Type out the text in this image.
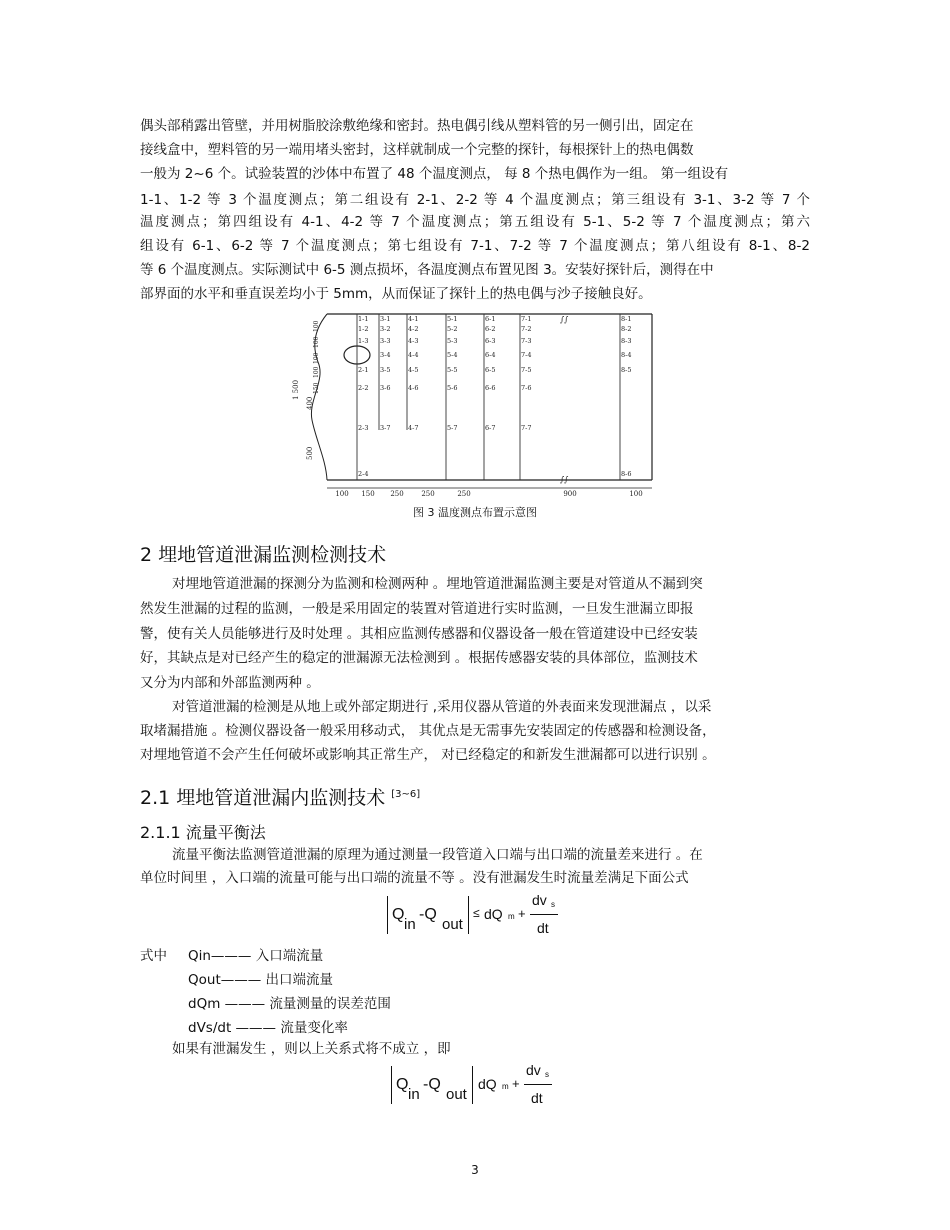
偶头部稍露出管壁，并用树脂胶涂敷绝缘和密封。热电偶引线从塑料管的另一侧引出，固定在
接线盒中，塑料管的另一端用堵头密封，这样就制成一个完整的探针，每根探针上的热电偶数
一般为 2~6 个。试验装置的沙体中布置了 48 个温度测点， 每 8 个热电偶作为一组。 第一组设有
1-1、1-2 等 3 个温度测点；第二组设有 2-1、2-2 等 4 个温度测点；第三组设有 3-1、3-2 等 7 个
温度测点；第四组设有 4-1、4-2 等 7 个温度测点；第五组设有 5-1、5-2 等 7 个温度测点；第六
组设有 6-1、6-2 等 7 个温度测点；第七组设有 7-1、7-2 等 7 个温度测点；第八组设有 8-1、8-2
等 6 个温度测点。实际测试中 6-5 测点损坏，各温度测点布置见图 3。安装好探针后，测得在中
部界面的水平和垂直误差均小于 5mm，从而保证了探针上的热电偶与沙子接触良好。
∫∫
∫∫
100 150 250	250	250	900	100
1 500
400
500
100
100
100
100
150
1-1
1-2
1-3
2-1
2-2
2-3
2-4
3-1
3-2
3-3
3-4
3-5
3-6
3-7
4-1
4-2
4-3
4-4
4-5
4-6
4-7
5-1
5-2
5-3
5-4
5-5
5-6
5-7
6-1
6-2
6-3
6-4
6-5
6-6
6-7
7-1
7-2
7-3
7-4
7-5
7-6
7-7
8-1
8-2
8-3
8-4
8-5
8-6
图 3 温度测点布置示意图
2 埋地管道泄漏监测检测技术
对埋地管道泄漏的探测分为监测和检测两种 。埋地管道泄漏监测主要是对管道从不漏到突
然发生泄漏的过程的监测，一般是采用固定的装置对管道进行实时监测，一旦发生泄漏立即报
警，使有关人员能够进行及时处理 。其相应监测传感器和仪器设备一般在管道建设中已经安装
好，其缺点是对已经产生的稳定的泄漏源无法检测到 。根据传感器安装的具体部位，监测技术
又分为内部和外部监测两种 。
对管道泄漏的检测是从地上或外部定期进行 ,采用仪器从管道的外表面来发现泄漏点 ，以采
取堵漏措施 。检测仪器设备一般采用移动式， 其优点是无需事先安装固定的传感器和检测设备，
对埋地管道不会产生任何破坏或影响其正常生产， 对已经稳定的和新发生泄漏都可以进行识别 。
2.1 埋地管道泄漏内监测技术 [3~6]
2.1.1 流量平衡法
流量平衡法监测管道泄漏的原理为通过测量一段管道入口端与出口端的流量差来进行 。在
单位时间里 ，入口端的流量可能与出口端的流量不等 。没有泄漏发生时流量差满足下面公式
Q
in
-Q
out
≤ dQ m +
dv s
dt
式中 Qin——— 入口端流量
Qout——— 出口端流量
dQm ——— 流量测量的误差范围
dVs/dt ——— 流量变化率
如果有泄漏发生 ，则以上关系式将不成立 ，即
Q
in
-Q
out
dQ m +
dv s
dt
3
